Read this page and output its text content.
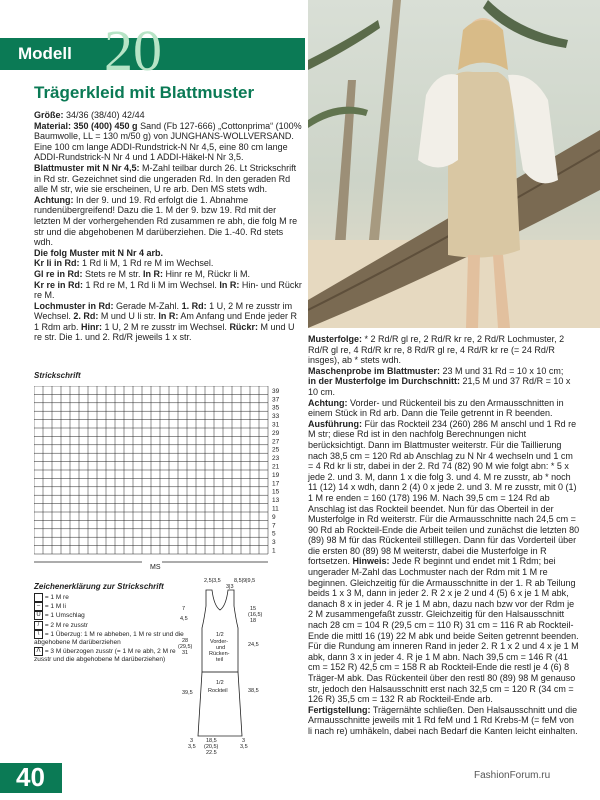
Modell 20
Trägerkleid mit Blattmuster

Größe: 34/36 (38/40) 42/44

Material: 350 (400) 450 g Sand (Fb 127-666) „Cottonprima“ (100% Baumwolle, LL = 130 m/50 g) von JUNGHANS-WOLLVERSAND. Eine 100 cm lange ADDI-Rundstrick-N Nr 4,5, eine 80 cm lange ADDI-Rundstrick-N Nr 4 und 1 ADDI-Häkel-N Nr 3,5.

Blattmuster mit N Nr 4,5: M-Zahl teilbar durch 26. Lt Strickschrift in Rd str. Gezeichnet sind die ungeraden Rd. In den geraden Rd alle M str, wie sie erscheinen, U re arb. Den MS stets wdh. Achtung: In der 9. und 19. Rd erfolgt die 1. Abnahme rundenübergreifend! Dazu die 1. M der 9. bzw 19. Rd mit der letzten M der vorhergehenden Rd zusammen re abh, die folg M re str und die abgehobenen M darüberziehen. Die 1.-40. Rd stets wdh.

Die folg Muster mit N Nr 4 arb.

Kr li in Rd: 1 Rd li M, 1 Rd re M im Wechsel.

Gl re in Rd: Stets re M str. In R: Hinr re M, Rückr li M.

Kr re in Rd: 1 Rd re M, 1 Rd li M im Wechsel. In R: Hin- und Rückr re M.

Lochmuster in Rd: Gerade M-Zahl. 1. Rd: 1 U, 2 M re zusstr im Wechsel. 2. Rd: M und U li str. In R: Am Anfang und Ende jeder R 1 Rdm arb. Hinr: 1 U, 2 M re zusstr im Wechsel. Rückr: M und U re str. Die 1. und 2. Rd/R jeweils 1 x str.

Strickschrift
39
37
35
33
31
29
27
25
23
21
19
17
15
13
11
9
7
5
3
1
MS
Zeichenerklärung zur Strickschrift
= 1 M re
– = 1 M li
U = 1 Umschlag
/ = 2 M re zusstr
\ = 1 Überzug: 1 M re abheben, 1 M re str und die abgehobene M darüberziehen
Λ = 3 M überzogen zusstr (= 1 M re abh, 2 M re zusstr und die abgehobene M darüberziehen)
2,5|3,5
3|3
8,5|9|9,5
7
4,5
28
(29,5)
31
39,5
15
(16,5)
18
24,5
38,5
1/2
Vorder-
und
Rücken-
teil
1/2
Rockteil
18,5
(20,5)
22,5
3
3,5
3
3,5

Musterfolge: * 2 Rd/R gl re, 2 Rd/R kr re, 2 Rd/R Lochmuster, 2 Rd/R gl re, 4 Rd/R kr re, 8 Rd/R gl re, 4 Rd/R kr re (= 24 Rd/R insges), ab * stets wdh.

Maschenprobe im Blattmuster: 23 M und 31 Rd = 10 x 10 cm;

in der Musterfolge im Durchschnitt: 21,5 M und 37 Rd/R = 10 x 10 cm.

Achtung: Vorder- und Rückenteil bis zu den Armausschnitten in einem Stück in Rd arb. Dann die Teile getrennt in R beenden.

Ausführung: Für das Rockteil 234 (260) 286 M anschl und 1 Rd re M str; diese Rd ist in den nachfolg Berechnungen nicht berücksichtigt. Dann im Blattmuster weiterstr. Für die Taillierung nach 38,5 cm = 120 Rd ab Anschlag zu N Nr 4 wechseln und 1 cm = 4 Rd kr li str, dabei in der 2. Rd 74 (82) 90 M wie folgt abn: * 5 x jede 2. und 3. M, dann 1 x die folg 3. und 4. M re zusstr, ab * noch 11 (12) 14 x wdh, dann 2 (4) 0 x jede 2. und 3. M re zusstr, mit 0 (1) 1 M re enden = 160 (178) 196 M. Nach 39,5 cm = 124 Rd ab Anschlag ist das Rockteil beendet. Nun für das Oberteil in der Musterfolge in Rd weiterstr. Für die Armausschnitte nach 24,5 cm = 90 Rd ab Rockteil-Ende die Arbeit teilen und zunächst die letzten 80 (89) 98 M für das Rückenteil stilllegen. Dann für das Vorderteil über die ersten 80 (89) 98 M weiterstr, dabei die Musterfolge in R fortsetzen. Hinweis: Jede R beginnt und endet mit 1 Rdm; bei ungerader M-Zahl das Lochmuster nach der Rdm mit 1 M re beginnen. Gleichzeitig für die Armausschnitte in der 1. R ab Teilung beids 1 x 3 M, dann in jeder 2. R 2 x je 2 und 4 (5) 6 x je 1 M abk, danach 8 x in jeder 4. R je 1 M abn, dazu nach bzw vor der Rdm je 2 M zusammengefaßt zusstr. Gleichzeitig für den Halsausschnitt nach 28 cm = 104 R (29,5 cm = 110 R) 31 cm = 116 R ab Rockteil-Ende die mittl 16 (19) 22 M abk und beide Seiten getrennt beenden. Für die Rundung am inneren Rand in jeder 2. R 1 x 2 und 4 x je 1 M abk, dann 3 x in jeder 4. R je 1 M abn. Nach 39,5 cm = 146 R (41 cm = 152 R) 42,5 cm = 158 R ab Rockteil-Ende die restl je 4 (6) 8 Träger-M abk. Das Rückenteil über den restl 80 (89) 98 M genauso str, jedoch den Halsausschnitt erst nach 32,5 cm = 120 R (34 cm = 126 R) 35,5 cm = 132 R ab Rockteil-Ende arb.

Fertigstellung: Trägernähte schließen. Den Halsausschnitt und die Armausschnitte jeweils mit 1 Rd feM und 1 Rd Krebs-M (= feM von li nach re) umhäkeln, dabei nach Bedarf die Kanten leicht einhalten.

40	FashionForum.ru
